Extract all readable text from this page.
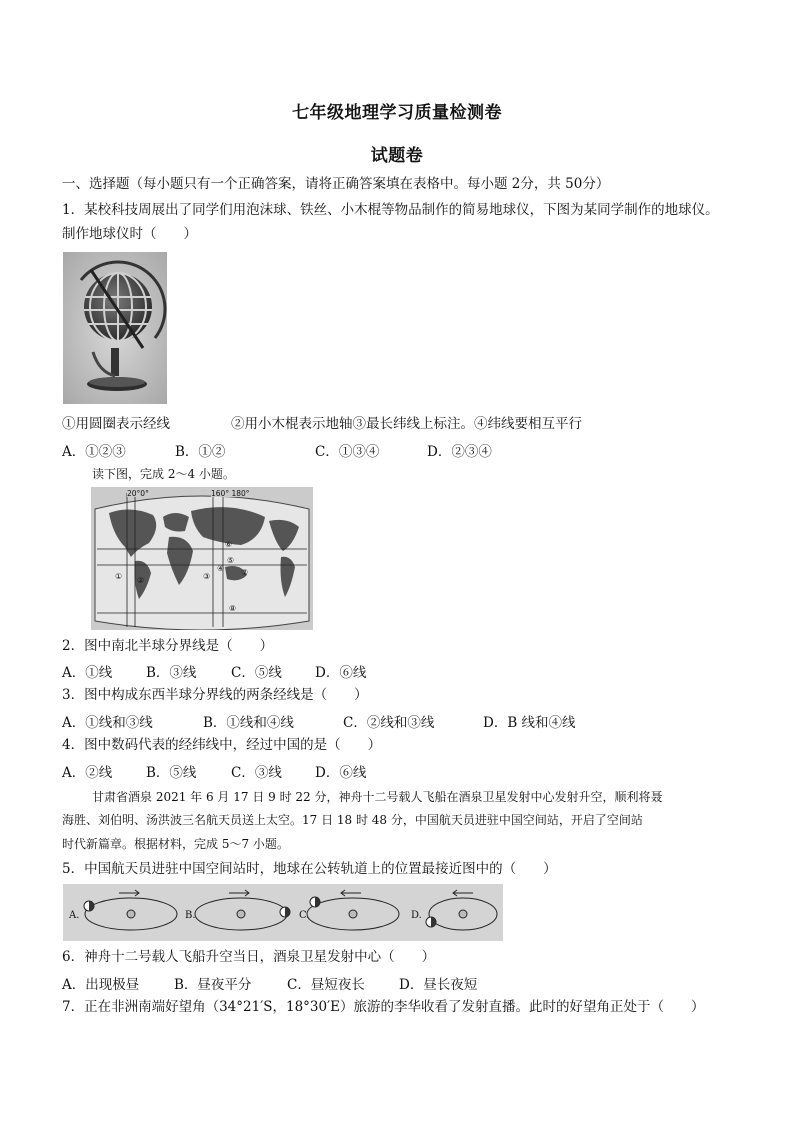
七年级地理学习质量检测卷
试题卷
一、选择题（每小题只有一个正确答案，请将正确答案填在表格中。每小题 2分，共 50分）
1．某校科技周展出了同学们用泡沫球、铁丝、小木棍等物品制作的简易地球仪，下图为某同学制作的地球仪。
制作地球仪时（　　）
①用圆圈表示经线	②用小木棍表示地轴③最长纬线上标注。④纬线要相互平行
A．①②③	B．①②	C．①③④	D．②③④
读下图，完成 2～4 小题。
20°0°	160° 180°
① ②	③
④
⑤
⑥
⑦
⑧
2．图中南北半球分界线是（　　）
A．①线	B．③线	C．⑤线 D．⑥线
3．图中构成东西半球分界线的两条经线是（　　）
A．①线和③线	B．①线和④线	C．②线和③线	D．B 线和④线
4．图中数码代表的经纬线中，经过中国的是（　　）
A．②线	B．⑤线	C．③线 D．⑥线
甘肃省酒泉 2021 年 6 月 17 日 9 时 22 分，神舟十二号载人飞船在酒泉卫星发射中心发射升空，顺利将聂
海胜、刘伯明、汤洪波三名航天员送上太空。17 日 18 时 48 分，中国航天员进驻中国空间站，开启了空间站
时代新篇章。根据材料，完成 5～7 小题。
5．中国航天员进驻中国空间站时，地球在公转轨道上的位置最接近图中的（　　）
A.	B.	C.	D.
6．神舟十二号载人飞船升空当日，酒泉卫星发射中心（　　）
A．出现极昼	B．昼夜平分	C．昼短夜长	D．昼长夜短
7．正在非洲南端好望角（34°21′S，18°30′E）旅游的李华收看了发射直播。此时的好望角正处于（　　）
